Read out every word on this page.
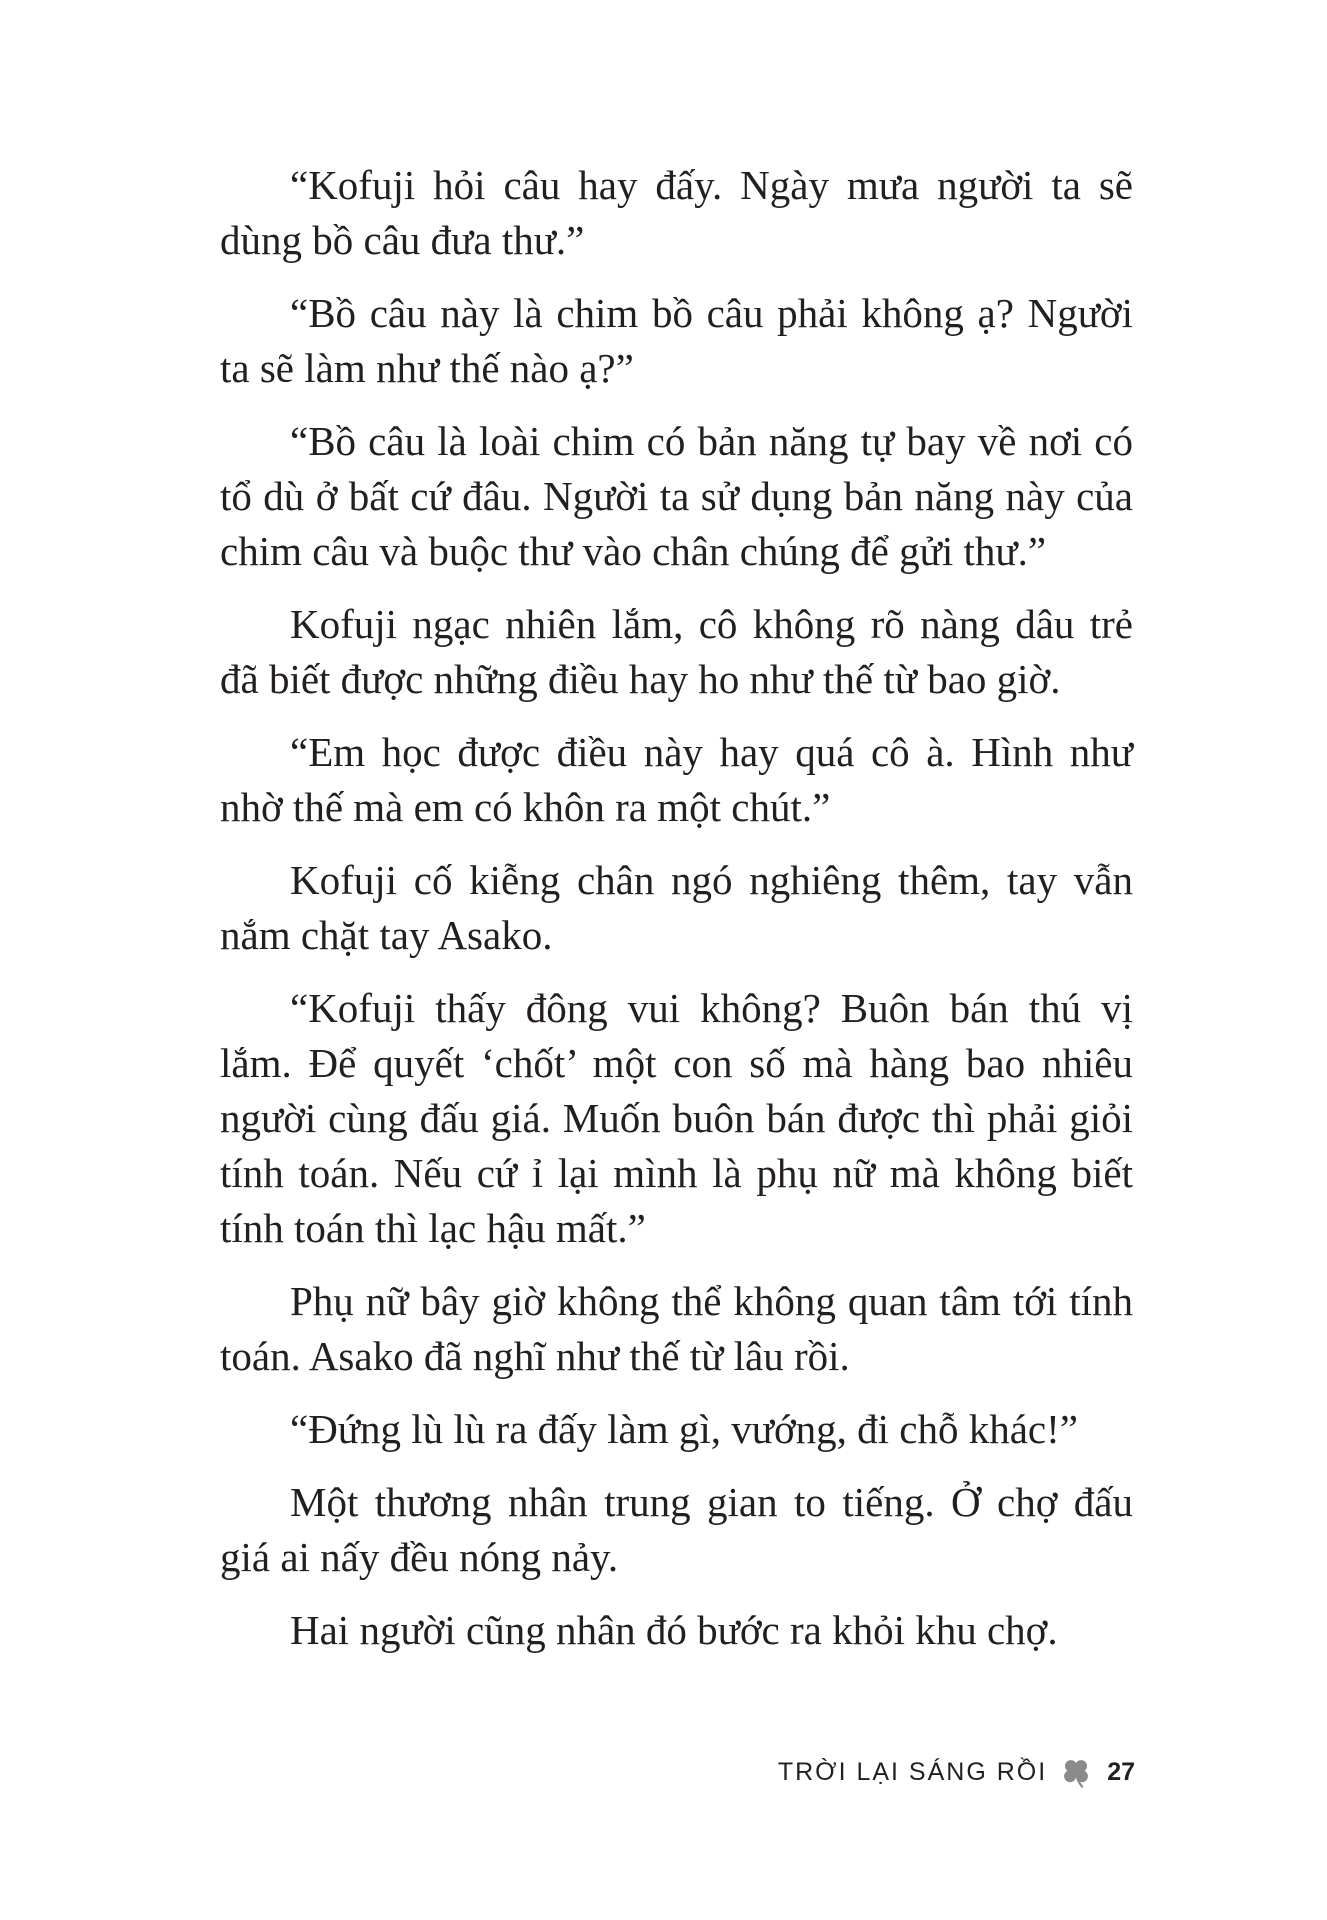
“Kofuji hỏi câu hay đấy. Ngày mưa người ta sẽ dùng bồ câu đưa thư.”

“Bồ câu này là chim bồ câu phải không ạ? Người ta sẽ làm như thế nào ạ?”

“Bồ câu là loài chim có bản năng tự bay về nơi có tổ dù ở bất cứ đâu. Người ta sử dụng bản năng này của chim câu và buộc thư vào chân chúng để gửi thư.”

Kofuji ngạc nhiên lắm, cô không rõ nàng dâu trẻ đã biết được những điều hay ho như thế từ bao giờ.

“Em học được điều này hay quá cô à. Hình như nhờ thế mà em có khôn ra một chút.”

Kofuji cố kiễng chân ngó nghiêng thêm, tay vẫn nắm chặt tay Asako.

“Kofuji thấy đông vui không? Buôn bán thú vị lắm. Để quyết ‘chốt’ một con số mà hàng bao nhiêu người cùng đấu giá. Muốn buôn bán được thì phải giỏi tính toán. Nếu cứ ỉ lại mình là phụ nữ mà không biết tính toán thì lạc hậu mất.”

Phụ nữ bây giờ không thể không quan tâm tới tính toán. Asako đã nghĩ như thế từ lâu rồi.

“Đứng lù lù ra đấy làm gì, vướng, đi chỗ khác!”

Một thương nhân trung gian to tiếng. Ở chợ đấu giá ai nấy đều nóng nảy.

Hai người cũng nhân đó bước ra khỏi khu chợ.

TRỜI LẠI SÁNG RỒI 27
